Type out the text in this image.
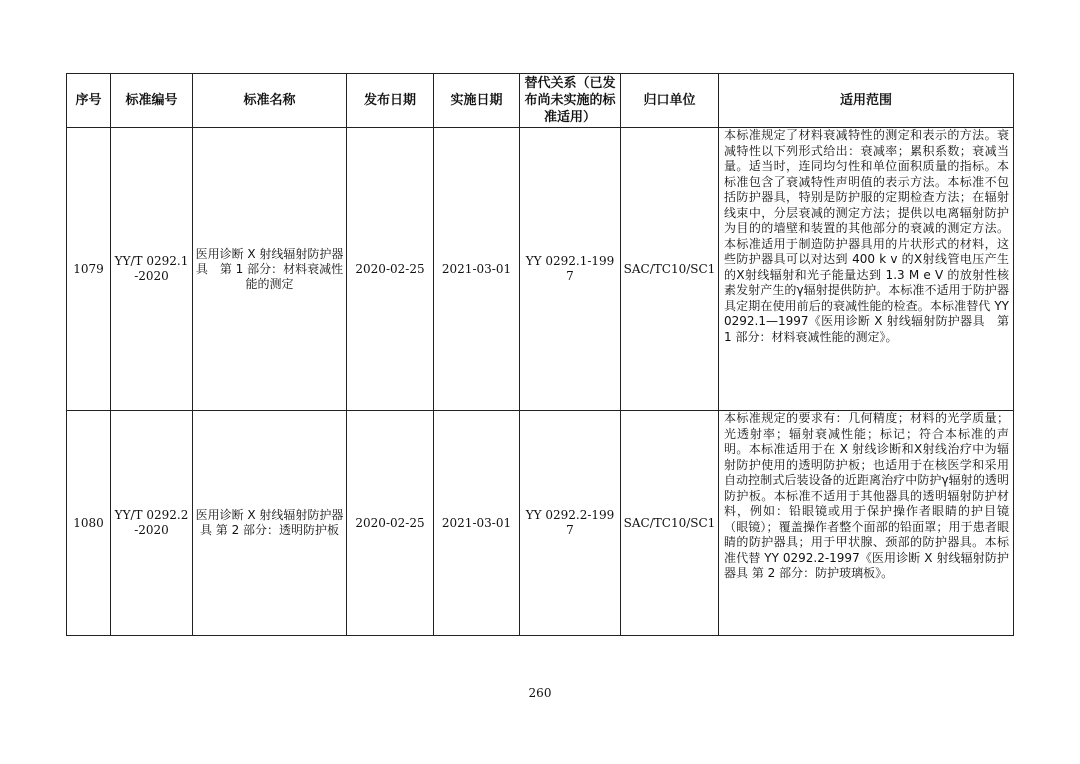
序号	标准编号	标准名称	发布日期	实施日期	替代关系（已发布尚未实施的标准适用）	归口单位	适用范围
1079	YY/T 0292.1-2020	医用诊断 X 射线辐射防护器具　第 1 部分：材料衰减性能的测定	2020-02-25	2021-03-01	YY 0292.1-1997	SAC/TC10/SC1	本标准规定了材料衰减特性的测定和表示的方法。衰减特性以下列形式给出：衰减率；累积系数；衰减当量。适当时，连同均匀性和单位面积质量的指标。本标准包含了衰减特性声明值的表示方法。本标准不包括防护器具，特别是防护服的定期检查方法；在辐射线束中，分层衰减的测定方法；提供以电离辐射防护为目的的墙壁和装置的其他部分的衰减的测定方法。本标准适用于制造防护器具用的片状形式的材料，这些防护器具可以对达到 400 k v 的X射线管电压产生的X射线辐射和光子能量达到 1.3 M e V 的放射性核素发射产生的γ辐射提供防护。本标准不适用于防护器具定期在使用前后的衰减性能的检查。本标准替代 YY0292.1—1997《医用诊断 X 射线辐射防护器具　第 1 部分：材料衰减性能的测定》。
1080	YY/T 0292.2-2020	医用诊断 X 射线辐射防护器具 第 2 部分：透明防护板	2020-02-25	2021-03-01	YY 0292.2-1997	SAC/TC10/SC1	本标准规定的要求有：几何精度；材料的光学质量；光透射率；辐射衰减性能；标记；符合本标准的声明。本标准适用于在 X 射线诊断和X射线治疗中为辐射防护使用的透明防护板；也适用于在核医学和采用自动控制式后装设备的近距离治疗中防护γ辐射的透明防护板。本标准不适用于其他器具的透明辐射防护材料，例如：铅眼镜或用于保护操作者眼睛的护目镜（眼镜）；覆盖操作者整个面部的铅面罩；用于患者眼睛的防护器具；用于甲状腺、颈部的防护器具。本标准代替 YY 0292.2-1997《医用诊断 X 射线辐射防护器具 第 2 部分：防护玻璃板》。
260
